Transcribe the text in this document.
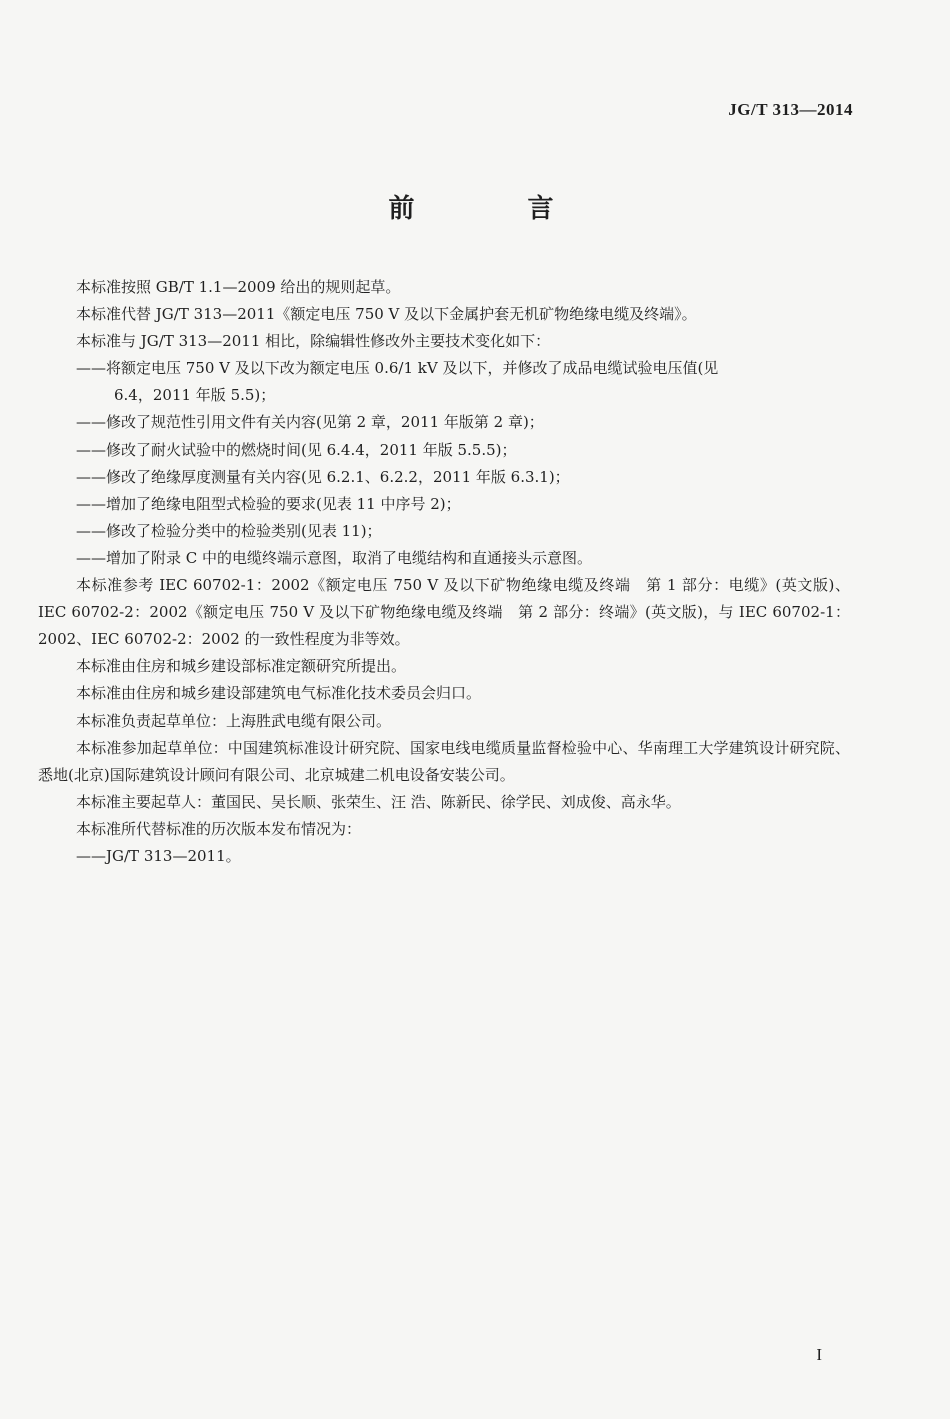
JG/T 313—2014
前 言

本标准按照 GB/T 1.1—2009 给出的规则起草。

本标准代替 JG/T 313—2011《额定电压 750 V 及以下金属护套无机矿物绝缘电缆及终端》。

本标准与 JG/T 313—2011 相比，除编辑性修改外主要技术变化如下：

——将额定电压 750 V 及以下改为额定电压 0.6/1 kV 及以下，并修改了成品电缆试验电压值(见
6.4，2011 年版 5.5)；

——修改了规范性引用文件有关内容(见第 2 章，2011 年版第 2 章)；

——修改了耐火试验中的燃烧时间(见 6.4.4，2011 年版 5.5.5)；

——修改了绝缘厚度测量有关内容(见 6.2.1、6.2.2，2011 年版 6.3.1)；

——增加了绝缘电阻型式检验的要求(见表 11 中序号 2)；

——修改了检验分类中的检验类别(见表 11)；

——增加了附录 C 中的电缆终端示意图，取消了电缆结构和直通接头示意图。

本标准参考 IEC 60702-1：2002《额定电压 750 V 及以下矿物绝缘电缆及终端　第 1 部分：电缆》(英文版)、IEC 60702-2：2002《额定电压 750 V 及以下矿物绝缘电缆及终端　第 2 部分：终端》(英文版)，与 IEC 60702-1：2002、IEC 60702-2：2002 的一致性程度为非等效。

本标准由住房和城乡建设部标准定额研究所提出。

本标准由住房和城乡建设部建筑电气标准化技术委员会归口。

本标准负责起草单位：上海胜武电缆有限公司。

本标准参加起草单位：中国建筑标准设计研究院、国家电线电缆质量监督检验中心、华南理工大学建筑设计研究院、悉地(北京)国际建筑设计顾问有限公司、北京城建二机电设备安装公司。

本标准主要起草人：董国民、吴长顺、张荣生、汪 浩、陈新民、徐学民、刘成俊、高永华。

本标准所代替标准的历次版本发布情况为：

——JG/T 313—2011。

I
